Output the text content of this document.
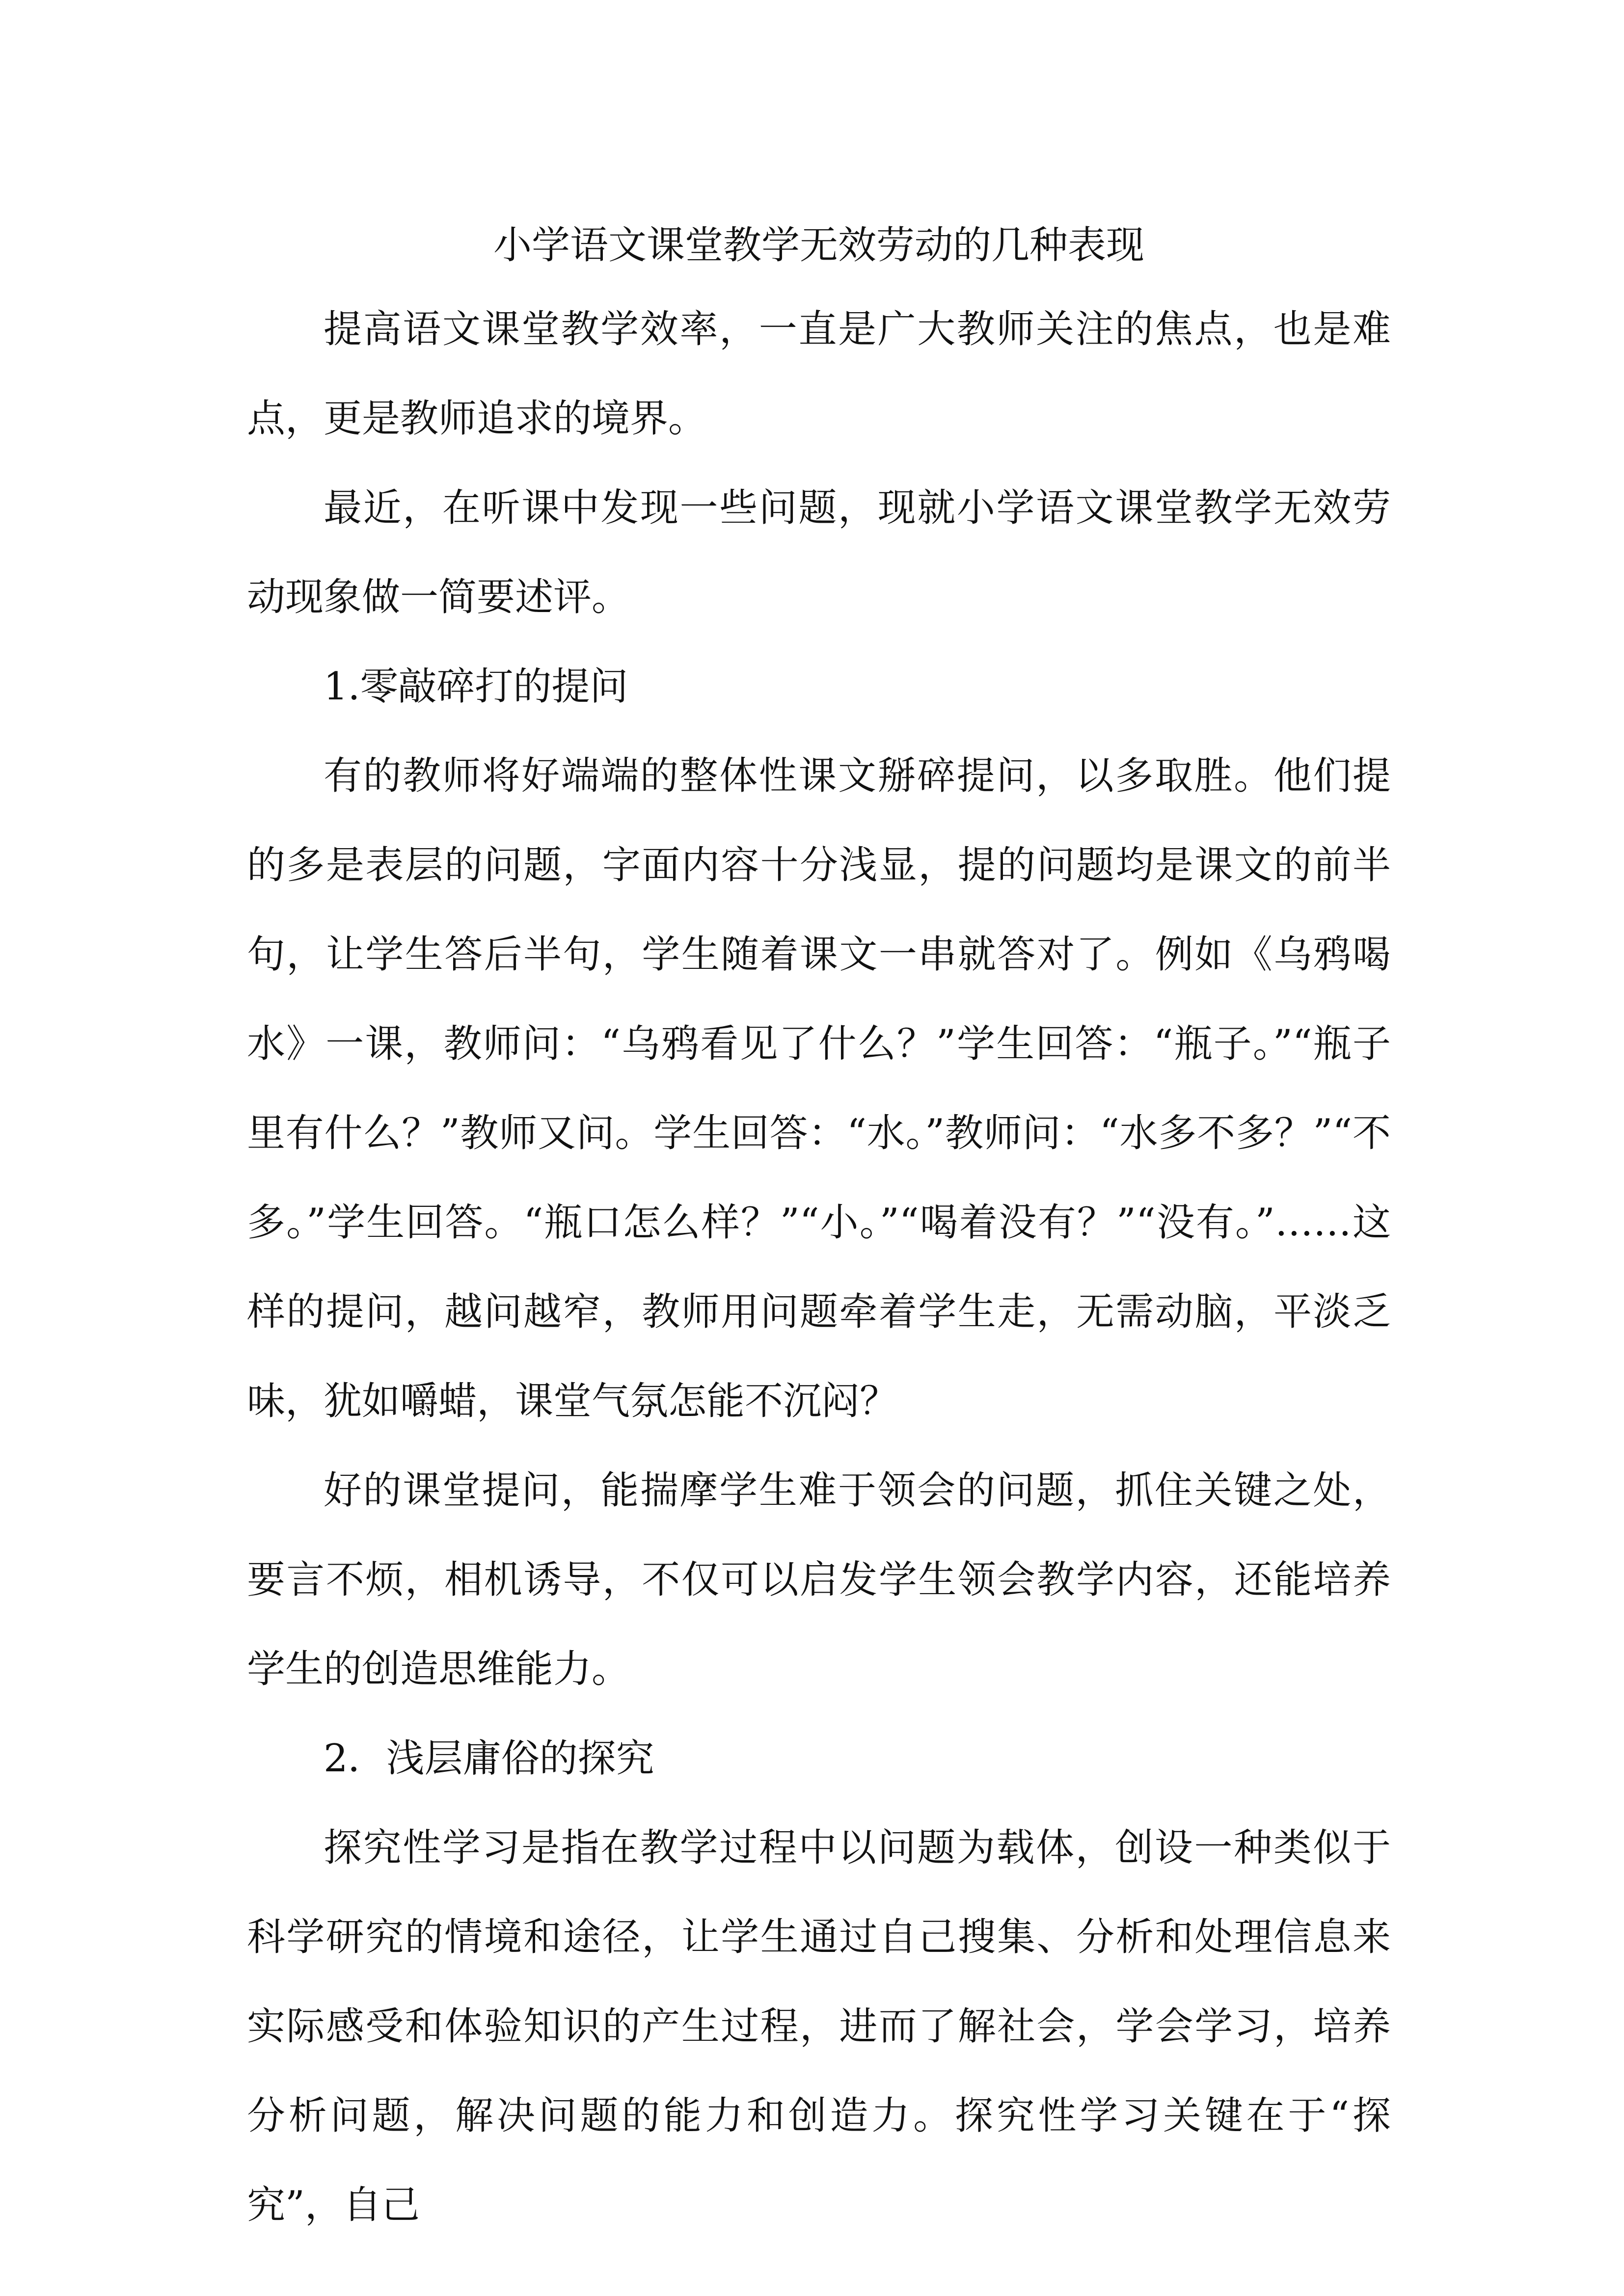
小学语文课堂教学无效劳动的几种表现

提高语文课堂教学效率，一直是广大教师关注的焦点，也是难点，更是教师追求的境界。

最近，在听课中发现一些问题，现就小学语文课堂教学无效劳动现象做一简要述评。

1.零敲碎打的提问

有的教师将好端端的整体性课文掰碎提问，以多取胜。他们提的多是表层的问题，字面内容十分浅显，提的问题均是课文的前半句，让学生答后半句，学生随着课文一串就答对了。例如《乌鸦喝水》一课，教师问：“乌鸦看见了什么？”学生回答：“瓶子。”“瓶子里有什么？”教师又问。学生回答：“水。”教师问：“水多不多？”“不多。”学生回答。“瓶口怎么样？”“小。”“喝着没有？”“没有。”……这样的提问，越问越窄，教师用问题牵着学生走，无需动脑，平淡乏味，犹如嚼蜡，课堂气氛怎能不沉闷？

好的课堂提问，能揣摩学生难于领会的问题，抓住关键之处，要言不烦，相机诱导，不仅可以启发学生领会教学内容，还能培养学生的创造思维能力。

2．浅层庸俗的探究

探究性学习是指在教学过程中以问题为载体，创设一种类似于科学研究的情境和途径，让学生通过自己搜集、分析和处理信息来实际感受和体验知识的产生过程，进而了解社会，学会学习，培养分析问题，解决问题的能力和创造力。探究性学习关键在于“探究”，自己
